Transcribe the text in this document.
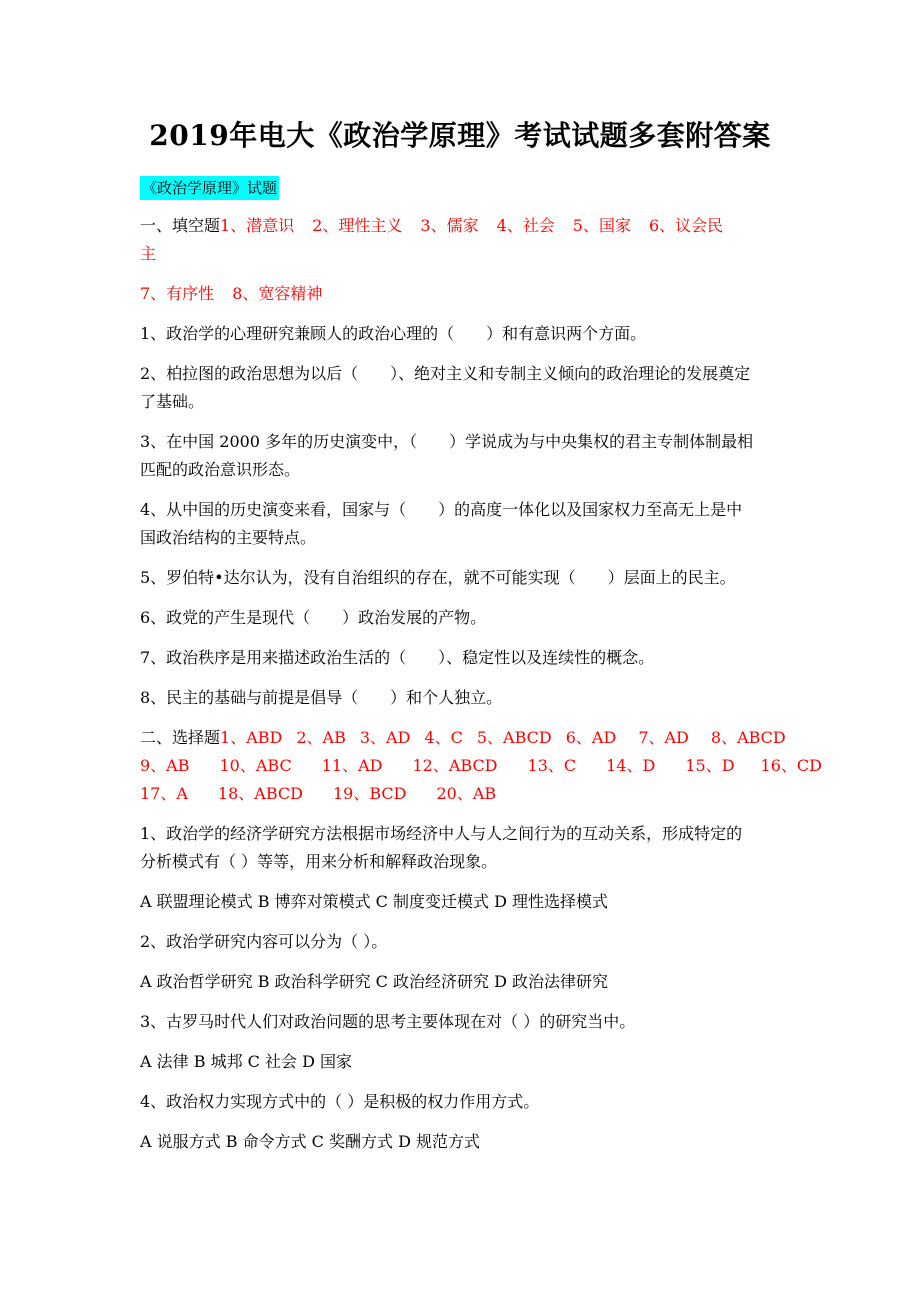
2019年电大《政治学原理》考试试题多套附答案
《政治学原理》试题
一、填空题1、潜意识 2、理性主义 3、儒家 4、社会 5、国家 6、议会民
主
7、有序性 8、宽容精神
1、政治学的心理研究兼顾人的政治心理的（　　）和有意识两个方面。
2、柏拉图的政治思想为以后（　　）、绝对主义和专制主义倾向的政治理论的发展奠定
了基础。
3、在中国 2000 多年的历史演变中，（　　）学说成为与中央集权的君主专制体制最相
匹配的政治意识形态。
4、从中国的历史演变来看，国家与（　　）的高度一体化以及国家权力至高无上是中
国政治结构的主要特点。
5、罗伯特•达尔认为，没有自治组织的存在，就不可能实现（　　）层面上的民主。
6、政党的产生是现代（　　）政治发展的产物。
7、政治秩序是用来描述政治生活的（　　）、稳定性以及连续性的概念。
8、民主的基础与前提是倡导（　　）和个人独立。
二、选择题1、ABD 2、AB 3、AD 4、C 5、ABCD 6、AD 7、AD 8、ABCD
9、AB 10、ABC 11、AD 12、ABCD 13、C 14、D 15、D 16、CD
17、A 18、ABCD 19、BCD 20、AB
1、政治学的经济学研究方法根据市场经济中人与人之间行为的互动关系，形成特定的
分析模式有（ ）等等，用来分析和解释政治现象。
A 联盟理论模式 B 博弈对策模式 C 制度变迁模式 D 理性选择模式
2、政治学研究内容可以分为（ ）。
A 政治哲学研究 B 政治科学研究 C 政治经济研究 D 政治法律研究
3、古罗马时代人们对政治问题的思考主要体现在对（ ）的研究当中。
A 法律 B 城邦 C 社会 D 国家
4、政治权力实现方式中的（ ）是积极的权力作用方式。
A 说服方式 B 命令方式 C 奖酬方式 D 规范方式
